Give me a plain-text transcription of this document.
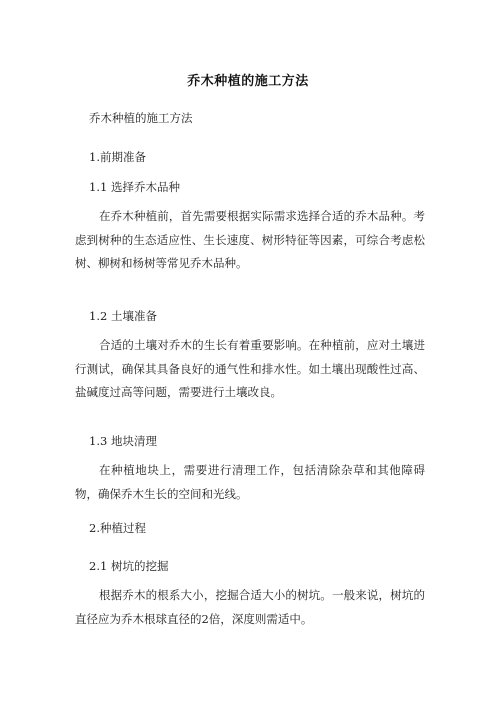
乔木种植的施工方法
乔木种植的施工方法
1.前期准备
1.1 选择乔木品种
在乔木种植前，首先需要根据实际需求选择合适的乔木品种。考虑到树种的生态适应性、生长速度、树形特征等因素，可综合考虑松树、柳树和杨树等常见乔木品种。
1.2 土壤准备
合适的土壤对乔木的生长有着重要影响。在种植前，应对土壤进行测试，确保其具备良好的通气性和排水性。如土壤出现酸性过高、盐碱度过高等问题，需要进行土壤改良。
1.3 地块清理
在种植地块上，需要进行清理工作，包括清除杂草和其他障碍物，确保乔木生长的空间和光线。
2.种植过程
2.1 树坑的挖掘
根据乔木的根系大小，挖掘合适大小的树坑。一般来说，树坑的直径应为乔木根球直径的2倍，深度则需适中。
